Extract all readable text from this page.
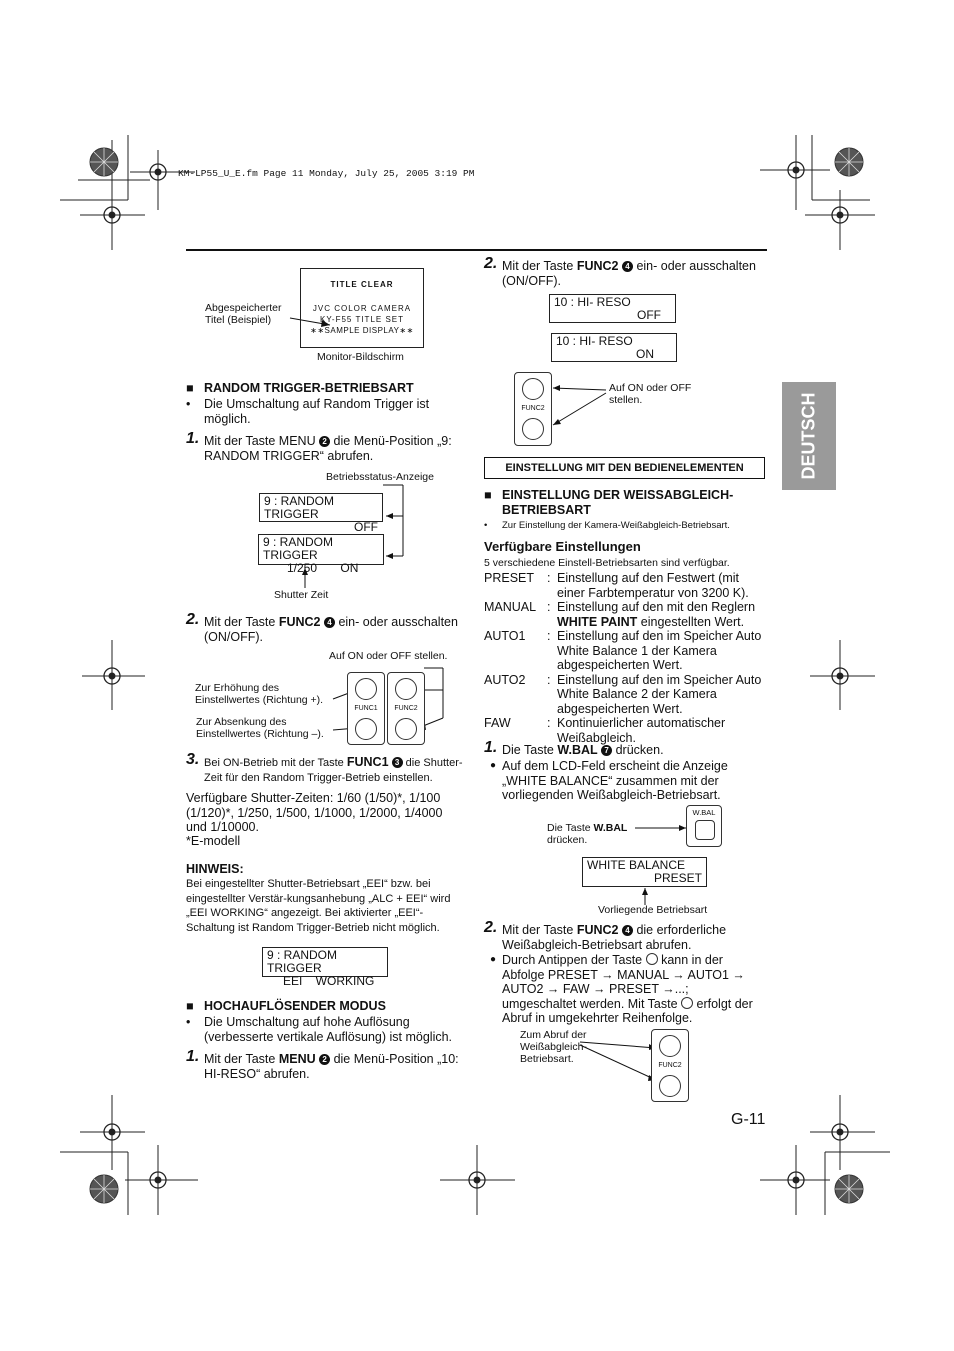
KM-LP55_U_E.fm Page 11 Monday, July 25, 2005 3:19 PM
DEUTSCH
TITLE CLEAR
JVC COLOR CAMERA
KY-F55 TITLE SET
∗∗SAMPLE DISPLAY∗∗
Abgespeicherter
Titel (Beispiel)
Monitor-Bildschirm
■   RANDOM TRIGGER-BETRIEBSART
• Die Umschaltung auf Random Trigger ist möglich.
1. Mit der Taste MENU 2 die Menü-Position „9: RANDOM TRIGGER“ abrufen.
Betriebsstatus-Anzeige
9 : RANDOM TRIGGER
OFF
9 : RANDOM TRIGGER
1/250       ON
Shutter Zeit
2. Mit der Taste FUNC2 4 ein- oder ausschalten (ON/OFF).
Auf ON oder OFF stellen.
Zur Erhöhung des
Einstellwertes (Richtung +).
Zur Absenkung des
Einstellwertes (Richtung –).
FUNC1	FUNC2
3. Bei ON-Betrieb mit der Taste FUNC1 3 die Shutter-Zeit für den Random Trigger-Betrieb einstellen.
Verfügbare Shutter-Zeiten: 1/60 (1/50)*, 1/100 (1/120)*, 1/250, 1/500, 1/1000, 1/2000, 1/4000 und 1/10000.
*E-modell
HINWEIS:
Bei eingestellter Shutter-Betriebsart „EEI“ bzw. bei eingestellter Verstär-kungsanhebung „ALC + EEI“ wird „EEI WORKING“ angezeigt. Bei aktivierter „EEI“-Schaltung ist Random Trigger-Betrieb nicht möglich.
9 : RANDOM TRIGGER
EEI    WORKING
■   HOCHAUFLÖSENDER MODUS
• Die Umschaltung auf hohe Auflösung (verbesserte vertikale Auflösung) ist möglich.
1. Mit der Taste MENU 2 die Menü-Position „10: HI-RESO“ abrufen.
2. Mit der Taste FUNC2 4 ein- oder ausschalten (ON/OFF).
10 : HI- RESO
OFF
10 : HI- RESO
ON
FUNC2
Auf ON oder OFF
stellen.
EINSTELLUNG MIT DEN BEDIENELEMENTEN
■ EINSTELLUNG DER WEISSABGLEICH-BETRIEBSART
• Zur Einstellung der Kamera-Weißabgleich-Betriebsart.
Verfügbare Einstellungen
5 verschiedene Einstell-Betriebsarten sind verfügbar.
PRESET : Einstellung auf den Festwert (mit einer Farbtemperatur von 3200 K).
MANUAL : Einstellung auf den mit den Reglern WHITE PAINT eingestellten Wert.
AUTO1 : Einstellung auf den im Speicher Auto White Balance 1 der Kamera abgespeicherten Wert.
AUTO2 : Einstellung auf den im Speicher Auto White Balance 2 der Kamera abgespeicherten Wert.
FAW	: Kontinuierlicher automatischer Weißabgleich.
1. Die Taste W.BAL 7 drücken.
● Auf dem LCD-Feld erscheint die Anzeige „WHITE BALANCE“ zusammen mit der vorliegenden Weißabgleich-Betriebsart.
Die Taste W.BAL
drücken.
W.BAL
WHITE BALANCE
PRESET
Vorliegende Betriebsart
2. Mit der Taste FUNC2 4 die erforderliche Weißabgleich-Betriebsart abrufen.
● Durch Antippen der Taste  kann in der Abfolge PRESET → MANUAL → AUTO1 → AUTO2 → FAW → PRESET →...; umgeschaltet werden. Mit Taste  erfolgt der Abruf in umgekehrter Reihenfolge.
Zum Abruf der
Weißabgleich-
Betriebsart.
FUNC2
G-11
